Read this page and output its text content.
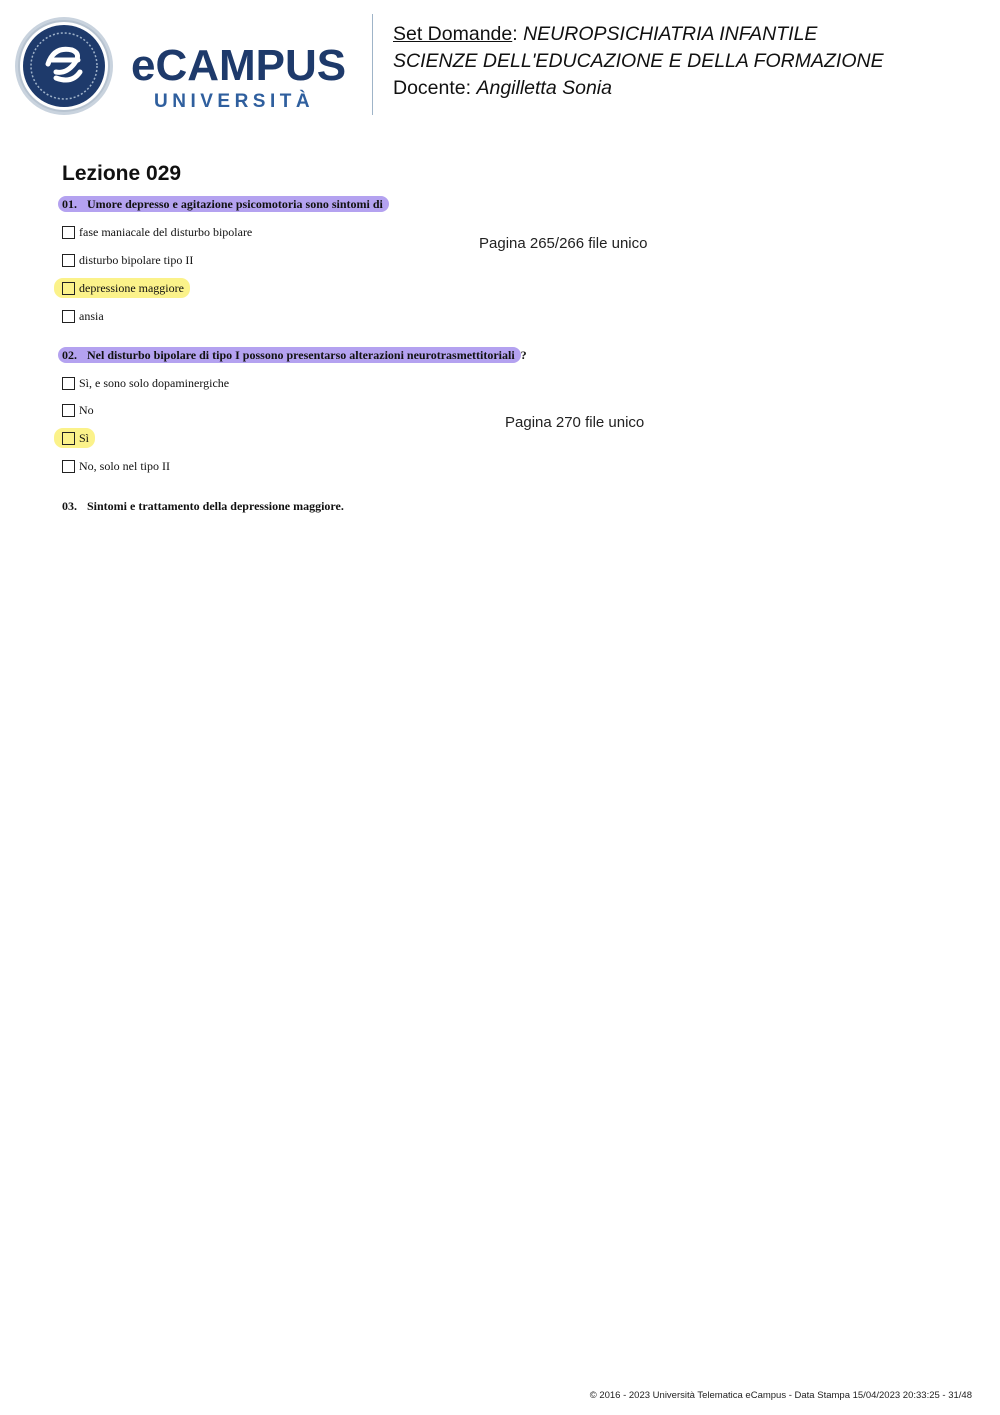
eCAMPUS
UNIVERSITÀ
Set Domande: NEUROPSICHIATRIA INFANTILE
SCIENZE DELL'EDUCAZIONE E DELLA FORMAZIONE
Docente: Angilletta Sonia
Lezione 029
01. Umore depresso e agitazione psicomotoria sono sintomi di
fase maniacale del disturbo bipolare
disturbo bipolare tipo II
depressione maggiore
ansia
Pagina 265/266 file unico
02. Nel disturbo bipolare di tipo I possono presentarso alterazioni neurotrasmettitoriali ?
Sì, e sono solo dopaminergiche
No
Sì
No, solo nel tipo II
Pagina 270 file unico
03. Sintomi e trattamento della depressione maggiore.
© 2016 - 2023 Università Telematica eCampus - Data Stampa 15/04/2023 20:33:25 - 31/48
